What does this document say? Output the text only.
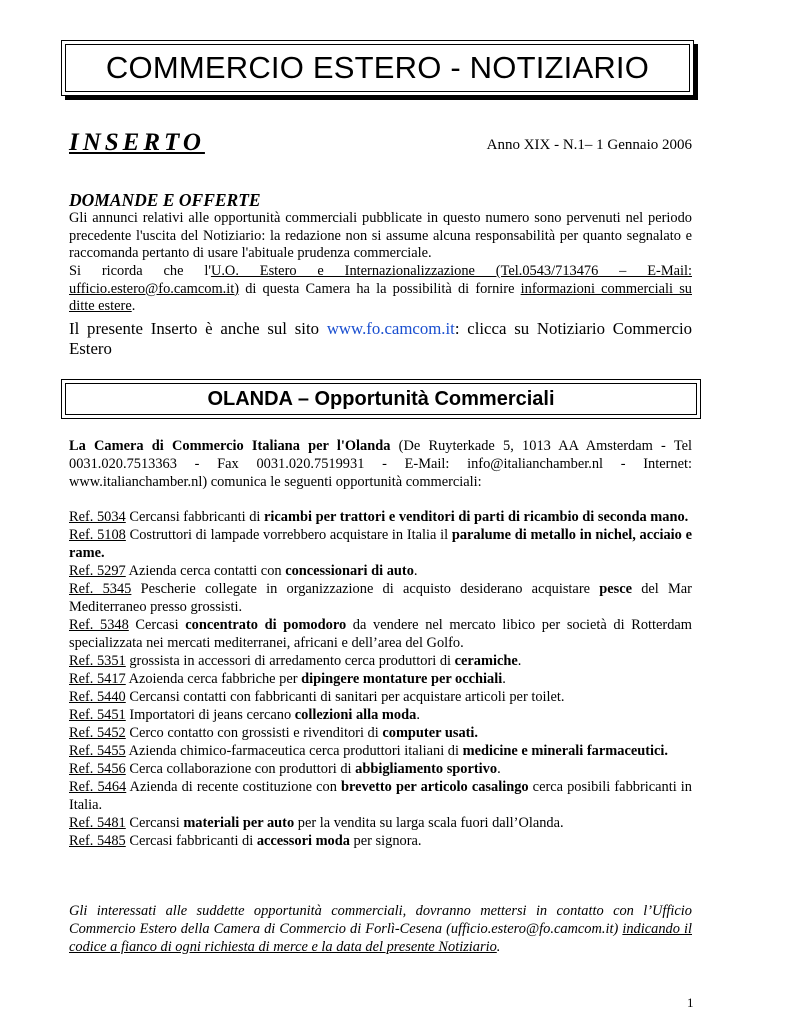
COMMERCIO ESTERO - NOTIZIARIO
INSERTO	Anno XIX - N.1– 1 Gennaio 2006
DOMANDE E OFFERTE
Gli annunci relativi alle opportunità commerciali pubblicate in questo numero sono pervenuti nel periodo precedente l'uscita del Notiziario: la redazione non si assume alcuna responsabilità per quanto segnalato e raccomanda pertanto di usare l'abituale prudenza commerciale.
Si ricorda che l'U.O. Estero e Internazionalizzazione (Tel.0543/713476 – E-Mail: ufficio.estero@fo.camcom.it) di questa Camera ha la possibilità di fornire informazioni commerciali su ditte estere.
Il presente Inserto è anche sul sito www.fo.camcom.it: clicca su Notiziario Commercio Estero
OLANDA – Opportunità Commerciali
La Camera di Commercio Italiana per l'Olanda (De Ruyterkade 5, 1013 AA Amsterdam - Tel 0031.020.7513363 - Fax 0031.020.7519931 - E-Mail: info@italianchamber.nl - Internet: www.italianchamber.nl) comunica le seguenti opportunità commerciali:

Ref. 5034 Cercansi fabbricanti di ricambi per trattori e venditori di parti di ricambio di seconda mano.

Ref. 5108 Costruttori di lampade vorrebbero acquistare in Italia il paralume di metallo in nichel, acciaio e rame.

Ref. 5297 Azienda cerca contatti con concessionari di auto.

Ref. 5345 Pescherie collegate in organizzazione di acquisto desiderano acquistare pesce del Mar Mediterraneo presso grossisti.

Ref. 5348 Cercasi concentrato di pomodoro da vendere nel mercato libico per società di Rotterdam specializzata nei mercati mediterranei, africani e dell’area del Golfo.

Ref. 5351 grossista in accessori di arredamento cerca produttori di ceramiche.

Ref. 5417 Azoienda cerca fabbriche per dipingere montature per occhiali.

Ref. 5440 Cercansi contatti con fabbricanti di sanitari per acquistare articoli per toilet.

Ref. 5451 Importatori di jeans cercano collezioni alla moda.

Ref. 5452 Cerco contatto con grossisti e rivenditori di computer usati.

Ref. 5455 Azienda chimico-farmaceutica cerca produttori italiani di medicine e minerali farmaceutici.

Ref. 5456 Cerca collaborazione con produttori di abbigliamento sportivo.

Ref. 5464 Azienda di recente costituzione con brevetto per articolo casalingo cerca posibili fabbricanti in Italia.

Ref. 5481 Cercansi materiali per auto per la vendita su larga scala fuori dall’Olanda.

Ref. 5485 Cercasi fabbricanti di accessori moda per signora.

Gli interessati alle suddette opportunità commerciali, dovranno mettersi in contatto con l’Ufficio Commercio Estero della Camera di Commercio di Forlì-Cesena (ufficio.estero@fo.camcom.it) indicando il codice a fianco di ogni richiesta di merce e la data del presente Notiziario.
1
